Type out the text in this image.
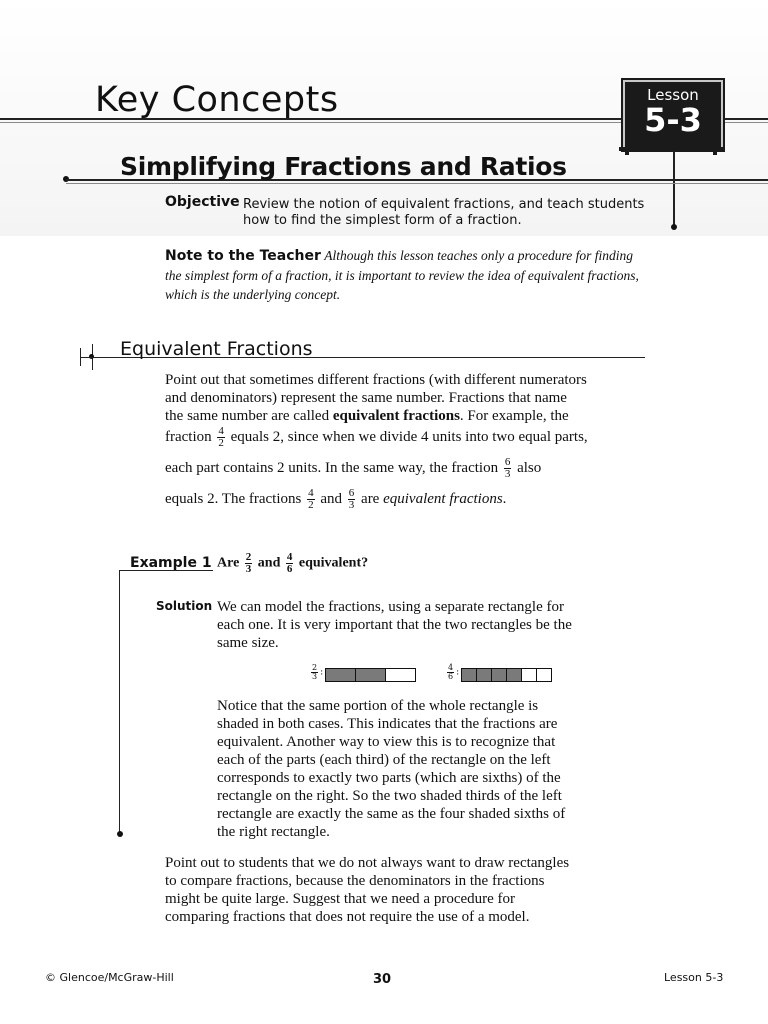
Key Concepts	Lesson
5-3
Simplifying Fractions and Ratios
Objective Review the notion of equivalent fractions, and teach students
how to find the simplest form of a fraction.
Note to the Teacher Although this lesson teaches only a procedure for finding the simplest form of a fraction, it is important to review the idea of equivalent fractions, which is the underlying concept.
Equivalent Fractions
Point out that sometimes different fractions (with different numerators
and denominators) represent the same number. Fractions that name
the same number are called equivalent fractions. For example, the
fraction $\frac{4}{2}$ equals 2, since when we divide 4 units into two equal parts,
each part contains 2 units. In the same way, the fraction $\frac{6}{3}$ also
equals 2. The fractions $\frac{4}{2}$ and $\frac{6}{3}$ are equivalent fractions.
Example 1 Are $\frac{2}{3}$ and $\frac{4}{6}$ equivalent?
Solution We can model the fractions, using a separate rectangle for
each one. It is very important that the two rectangles be the
same size.
$\frac{2}{3}$ :	$\frac{4}{6}$ :
Notice that the same portion of the whole rectangle is
shaded in both cases. This indicates that the fractions are
equivalent. Another way to view this is to recognize that
each of the parts (each third) of the rectangle on the left
corresponds to exactly two parts (which are sixths) of the
rectangle on the right. So the two shaded thirds of the left
rectangle are exactly the same as the four shaded sixths of
the right rectangle.
Point out to students that we do not always want to draw rectangles
to compare fractions, because the denominators in the fractions
might be quite large. Suggest that we need a procedure for
comparing fractions that does not require the use of a model.
© Glencoe/McGraw-Hill	30	Lesson 5-3
